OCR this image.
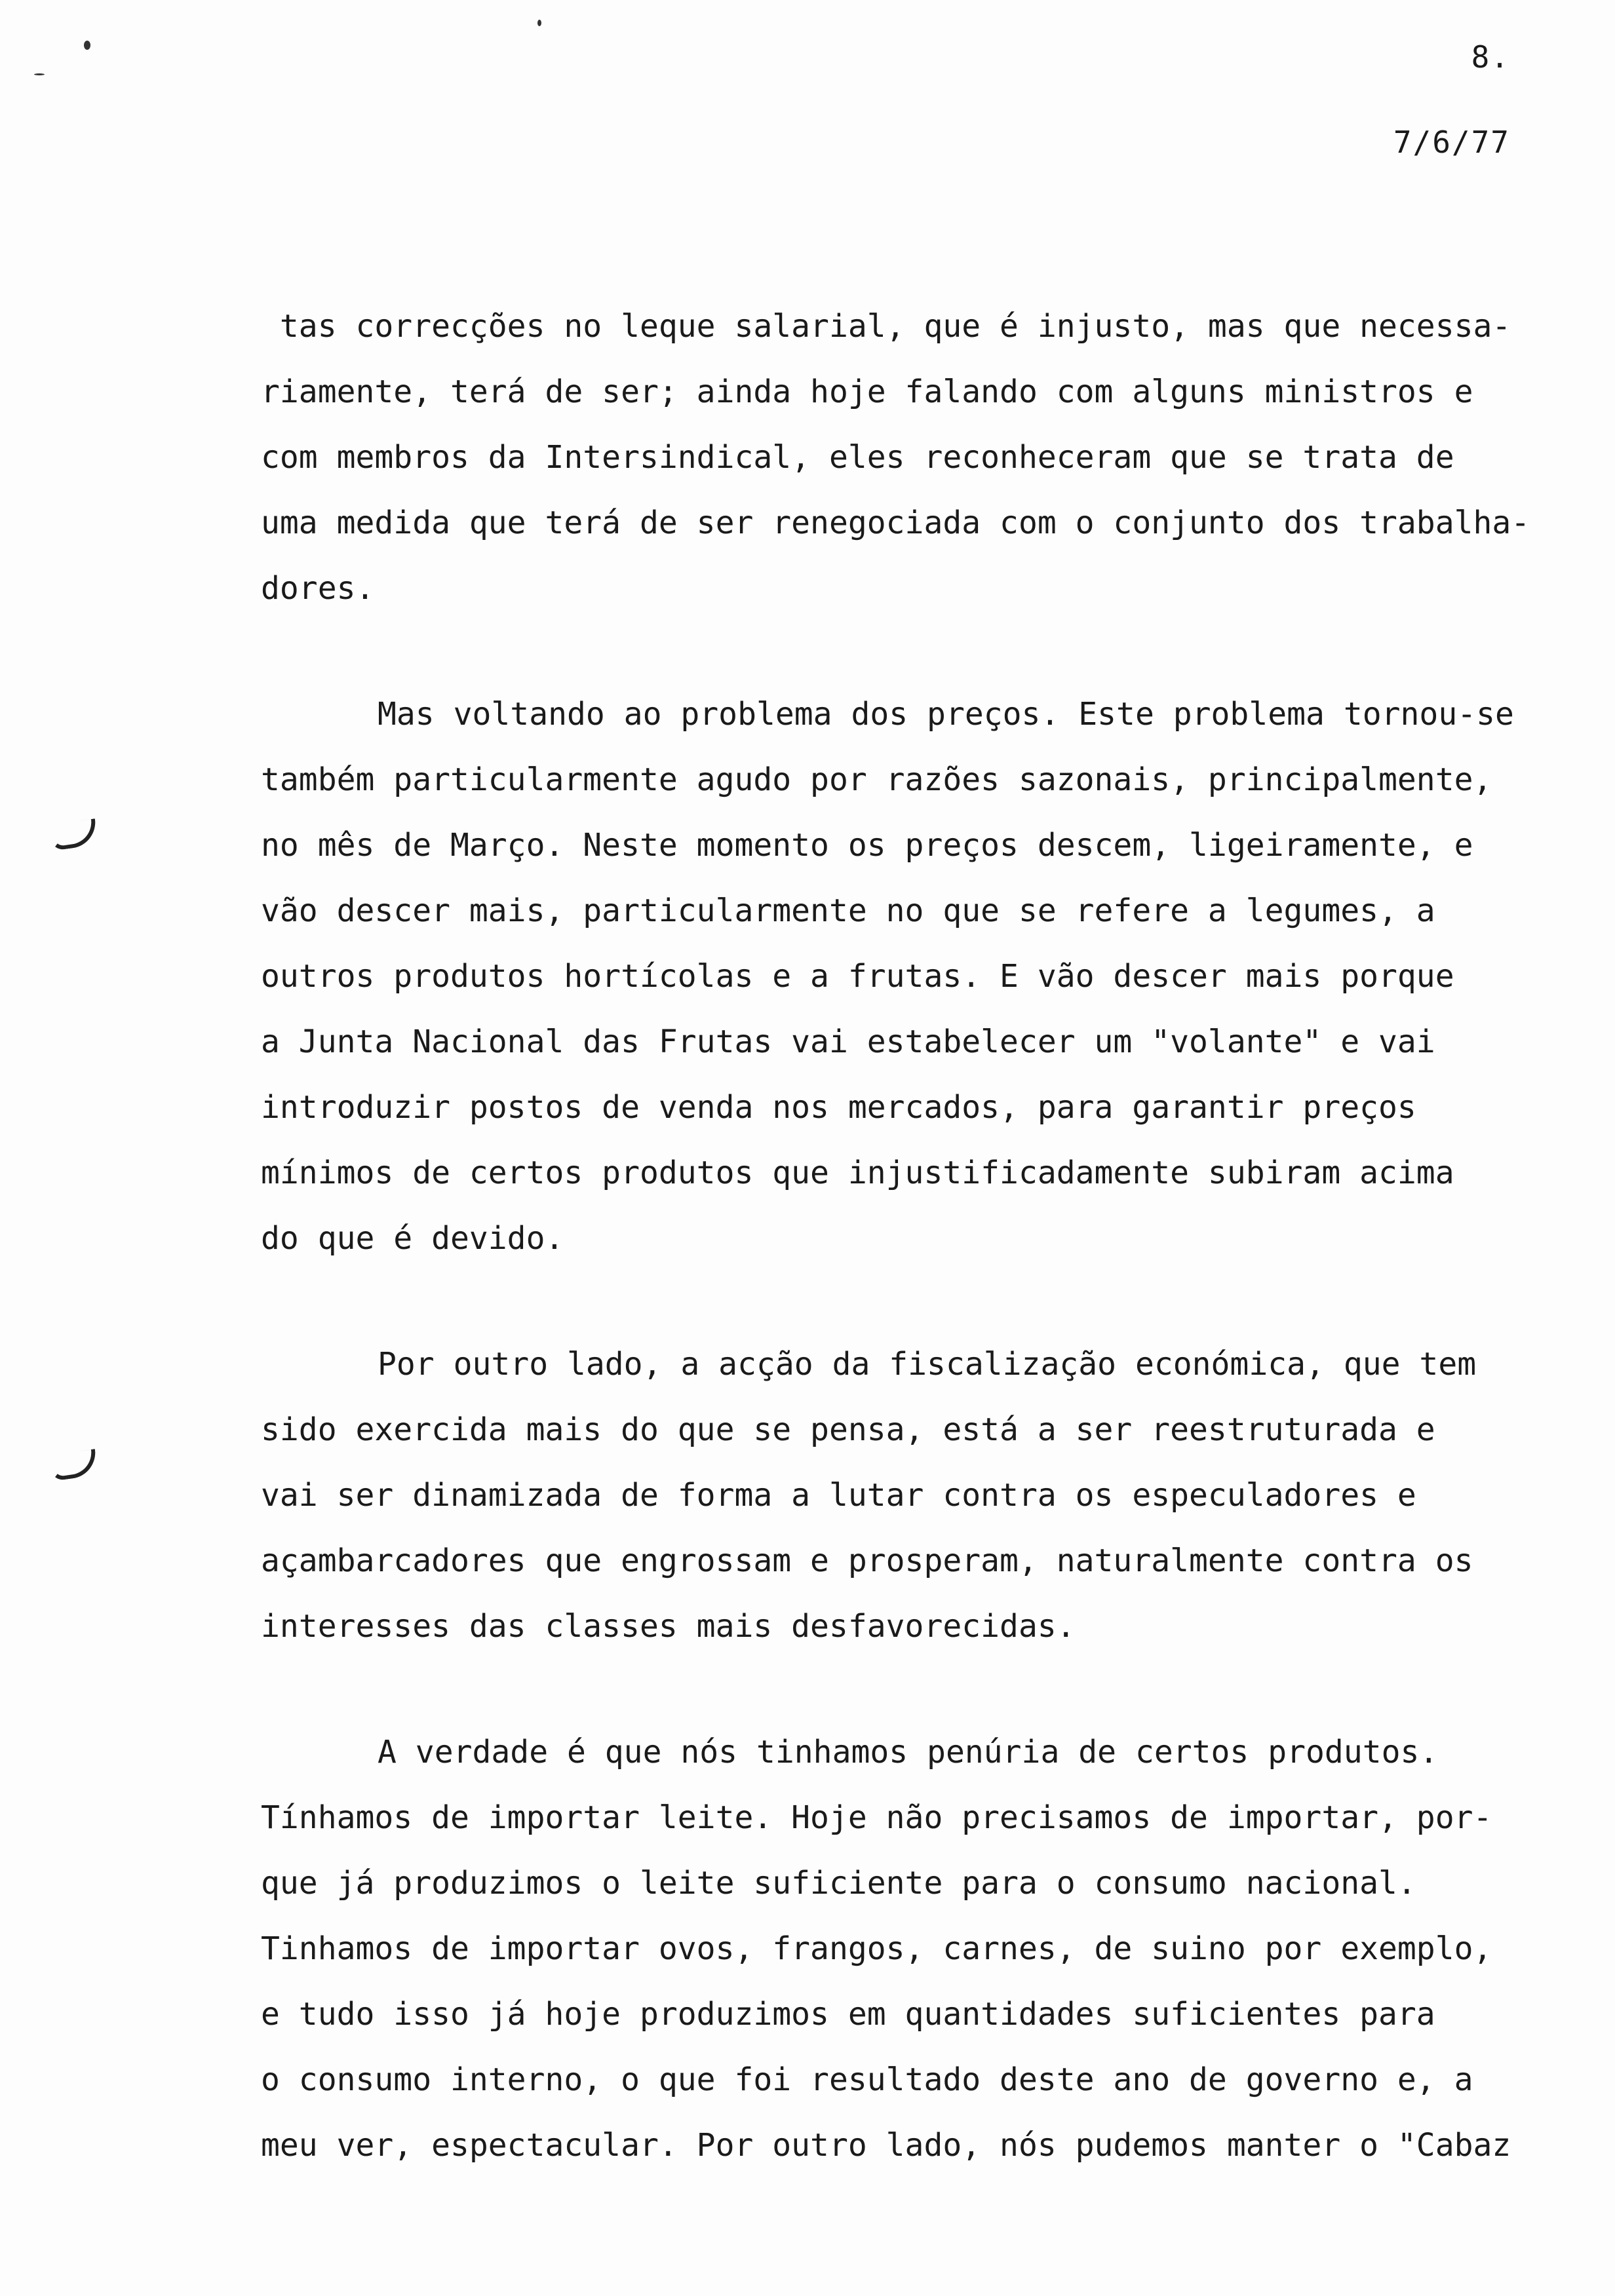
8.
7/6/77
tas correcções no leque salarial, que é injusto, mas que necessa-
riamente, terá de ser; ainda hoje falando com alguns ministros e
com membros da Intersindical, eles reconheceram que se trata de
uma medida que terá de ser renegociada com o conjunto dos trabalha-
dores.
Mas voltando ao problema dos preços. Este problema tornou-se
também particularmente agudo por razões sazonais, principalmente,
no mês de Março. Neste momento os preços descem, ligeiramente, e
vão descer mais, particularmente no que se refere a legumes, a
outros produtos hortícolas e a frutas. E vão descer mais porque
a Junta Nacional das Frutas vai estabelecer um "volante" e vai
introduzir postos de venda nos mercados, para garantir preços
mínimos de certos produtos que injustificadamente subiram acima
do que é devido.
Por outro lado, a acção da fiscalização económica, que tem
sido exercida mais do que se pensa, está a ser reestruturada e
vai ser dinamizada de forma a lutar contra os especuladores e
açambarcadores que engrossam e prosperam, naturalmente contra os
interesses das classes mais desfavorecidas.
A verdade é que nós tinhamos penúria de certos produtos.
Tínhamos de importar leite. Hoje não precisamos de importar, por-
que já produzimos o leite suficiente para o consumo nacional.
Tinhamos de importar ovos, frangos, carnes, de suino por exemplo,
e tudo isso já hoje produzimos em quantidades suficientes para
o consumo interno, o que foi resultado deste ano de governo e, a
meu ver, espectacular. Por outro lado, nós pudemos manter o "Cabaz
